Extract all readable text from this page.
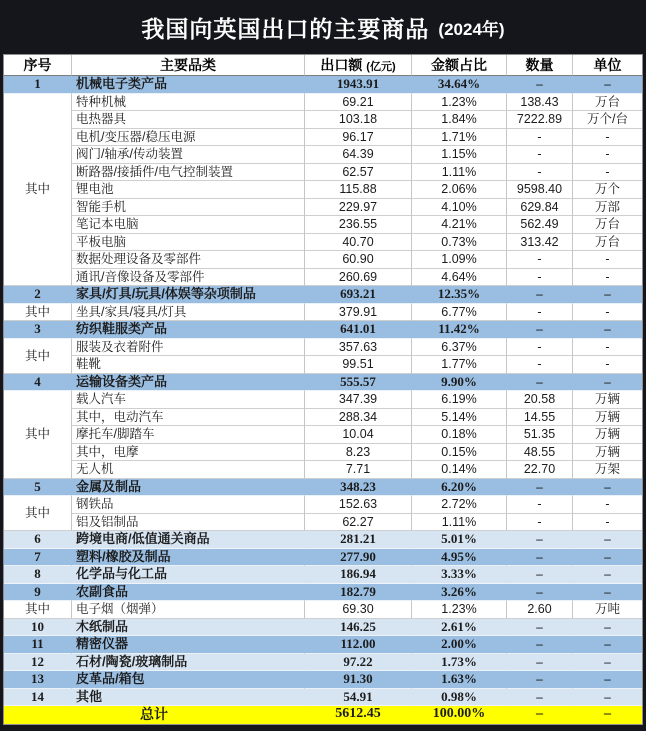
我国向英国出口的主要商品 (2024年)
序号	主要品类	出口额 (亿元)	金额占比	数量	单位
1	机械电子类产品	1943.91	34.64%	–	–
其中	特种机械	69.21	1.23%	138.43	万台
	电热器具	103.18	1.84%	7222.89	万个/台
	电机/变压器/稳压电源	96.17	1.71%	-	-
	阀门/轴承/传动装置	64.39	1.15%	-	-
	断路器/接插件/电气控制装置	62.57	1.11%	-	-
	锂电池	115.88	2.06%	9598.40	万个
	智能手机	229.97	4.10%	629.84	万部
	笔记本电脑	236.55	4.21%	562.49	万台
	平板电脑	40.70	0.73%	313.42	万台
	数据处理设备及零部件	60.90	1.09%	-	-
	通讯/音像设备及零部件	260.69	4.64%	-	-
2	家具/灯具/玩具/体娱等杂项制品	693.21	12.35%	–	–
其中	坐具/家具/寝具/灯具	379.91	6.77%	-	-
3	纺织鞋服类产品	641.01	11.42%	–	–
其中	服装及衣着附件	357.63	6.37%	-	-
	鞋靴	99.51	1.77%	-	-
4	运输设备类产品	555.57	9.90%	–	–
其中	载人汽车	347.39	6.19%	20.58	万辆
	其中，电动汽车	288.34	5.14%	14.55	万辆
	摩托车/脚踏车	10.04	0.18%	51.35	万辆
	其中，电摩	8.23	0.15%	48.55	万辆
	无人机	7.71	0.14%	22.70	万架
5	金属及制品	348.23	6.20%	–	–
其中	钢铁品	152.63	2.72%	-	-
	铝及铝制品	62.27	1.11%	-	-
6	跨境电商/低值通关商品	281.21	5.01%	–	–
7	塑料/橡胶及制品	277.90	4.95%	–	–
8	化学品与化工品	186.94	3.33%	–	–
9	农副食品	182.79	3.26%	–	–
其中	电子烟（烟弹）	69.30	1.23%	2.60	万吨
10	木纸制品	146.25	2.61%	–	–
11	精密仪器	112.00	2.00%	–	–
12	石材/陶瓷/玻璃制品	97.22	1.73%	–	–
13	皮革品/箱包	91.30	1.63%	–	–
14	其他	54.91	0.98%	–	–
总计		5612.45	100.00%	–	–
